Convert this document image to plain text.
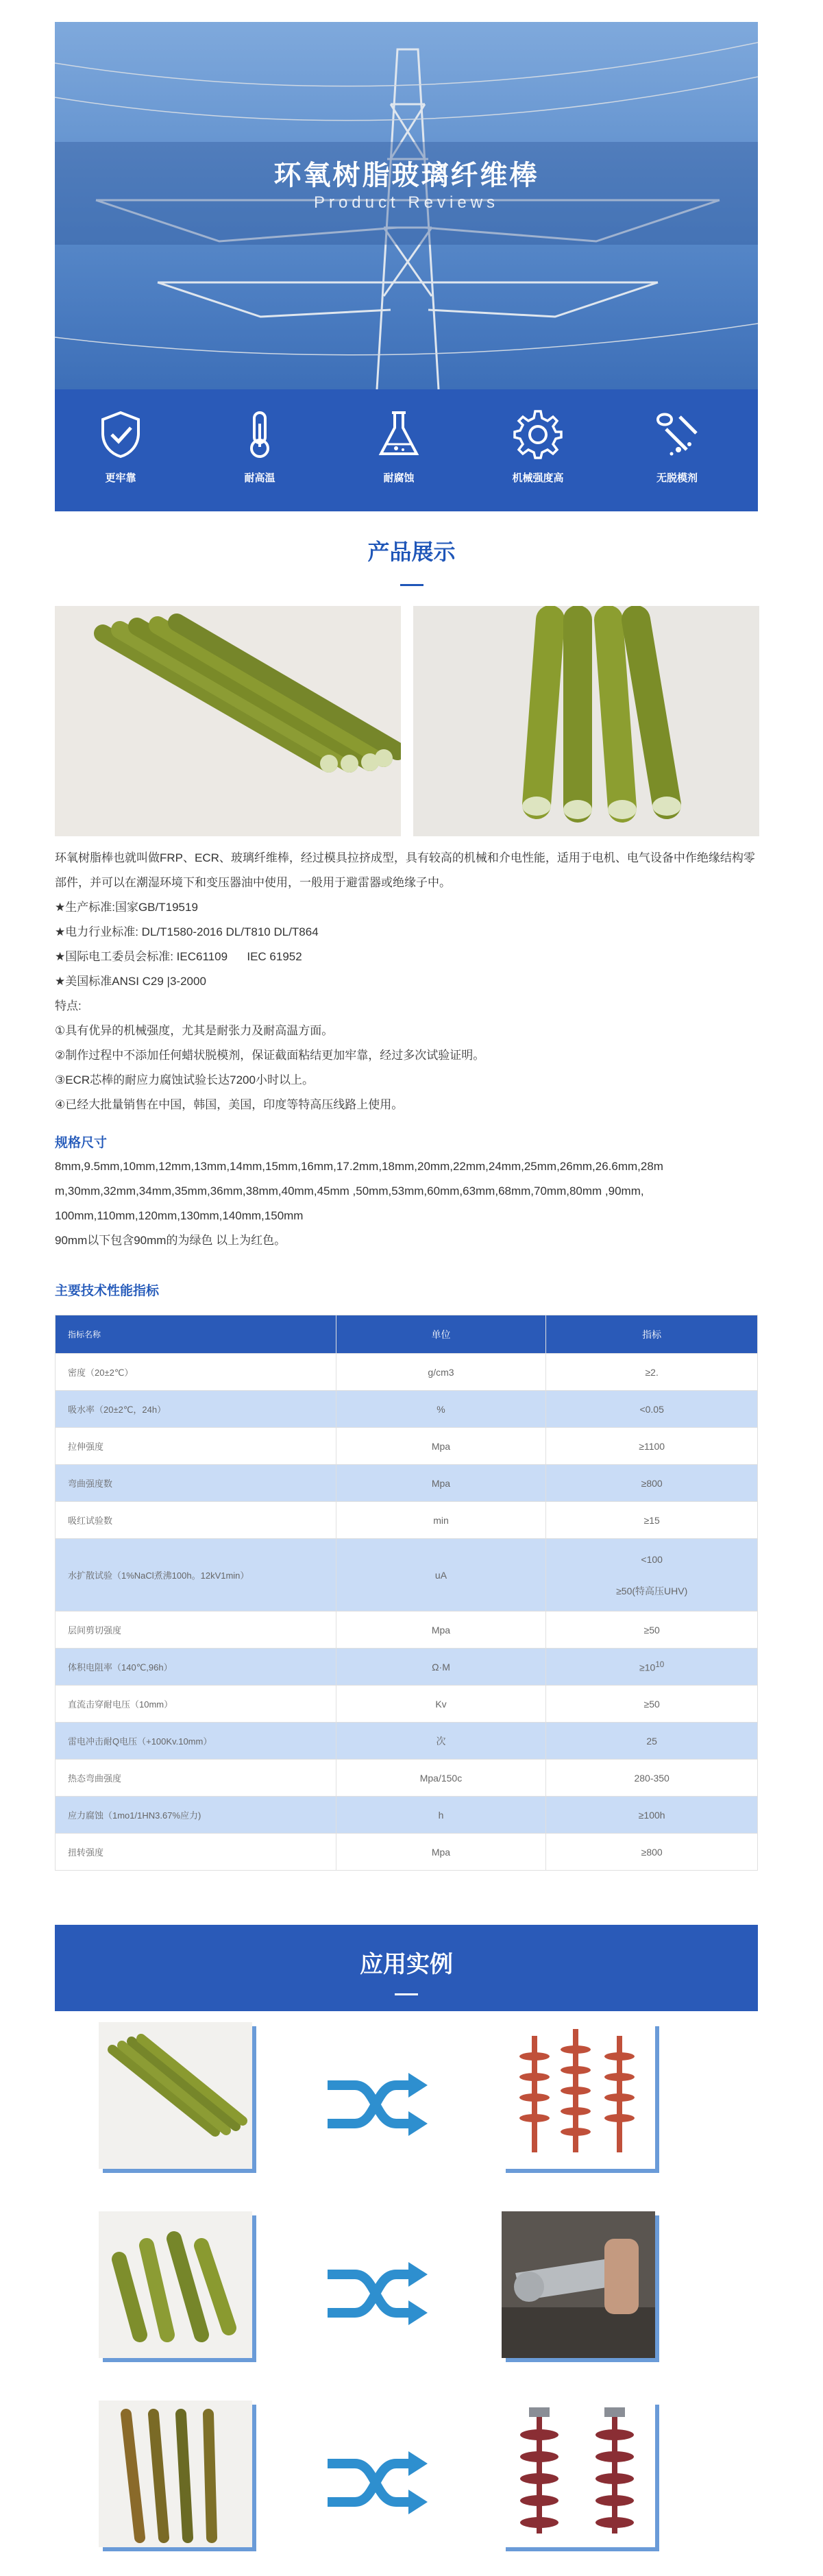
环氧树脂玻璃纤维棒
Product Reviews
更牢靠	耐高温	耐腐蚀	机械强度高	无脱模剂
产品展示
环氧树脂棒也就叫做FRP、ECR、玻璃纤维棒，经过模具拉挤成型，具有较高的机械和介电性能，适用于电机、电气设备中作绝缘结构零部件，并可以在潮湿环境下和变压器油中使用，一般用于避雷器或绝缘子中。
★生产标准:国家GB/T19519
★电力行业标准: DL/T1580-2016 DL/T810 DL/T864
★国际电工委员会标准: IEC61109      IEC 61952
★美国标准ANSI C29 |3-2000
特点:
①具有优异的机械强度，尤其是耐张力及耐高温方面。
②制作过程中不添加任何蜡状脱模剂，保证截面粘结更加牢靠，经过多次试验证明。
③ECR芯棒的耐应力腐蚀试验长达7200小时以上。
④已经大批量销售在中国，韩国，美国，印度等特高压线路上使用。
规格尺寸
8mm,9.5mm,10mm,12mm,13mm,14mm,15mm,16mm,17.2mm,18mm,20mm,22mm,24mm,25mm,26mm,26.6mm,28m
m,30mm,32mm,34mm,35mm,36mm,38mm,40mm,45mm ,50mm,53mm,60mm,63mm,68mm,70mm,80mm ,90mm,
100mm,110mm,120mm,130mm,140mm,150mm
90mm以下包含90mm的为绿色 以上为红色。
主要技术性能指标
指标名称	单位	指标
密度（20±2℃）	g/cm3	≥2.
吸水率（20±2℃，24h）	%	<0.05
拉伸强度	Mpa	≥1100
弯曲强度数	Mpa	≥800
吸红试验数	min	≥15
水扩散试验（1%NaCl煮沸100h。12kV1min）	uA	<100
≥50(特高压UHV)

层间剪切强度	Mpa	≥50
体积电阻率（140℃,96h）	Ω·M	$\ge 10^{10}$
直流击穿耐电压（10mm）	Kv	≥50
雷电冲击耐Q电压（+100Kv.10mm）	次	25
热态弯曲强度	Mpa/150c	280-350
应力腐蚀（1mo1/1HN3.67%应力)	h	≥100h
扭转强度	Mpa	≥800
应用实例
